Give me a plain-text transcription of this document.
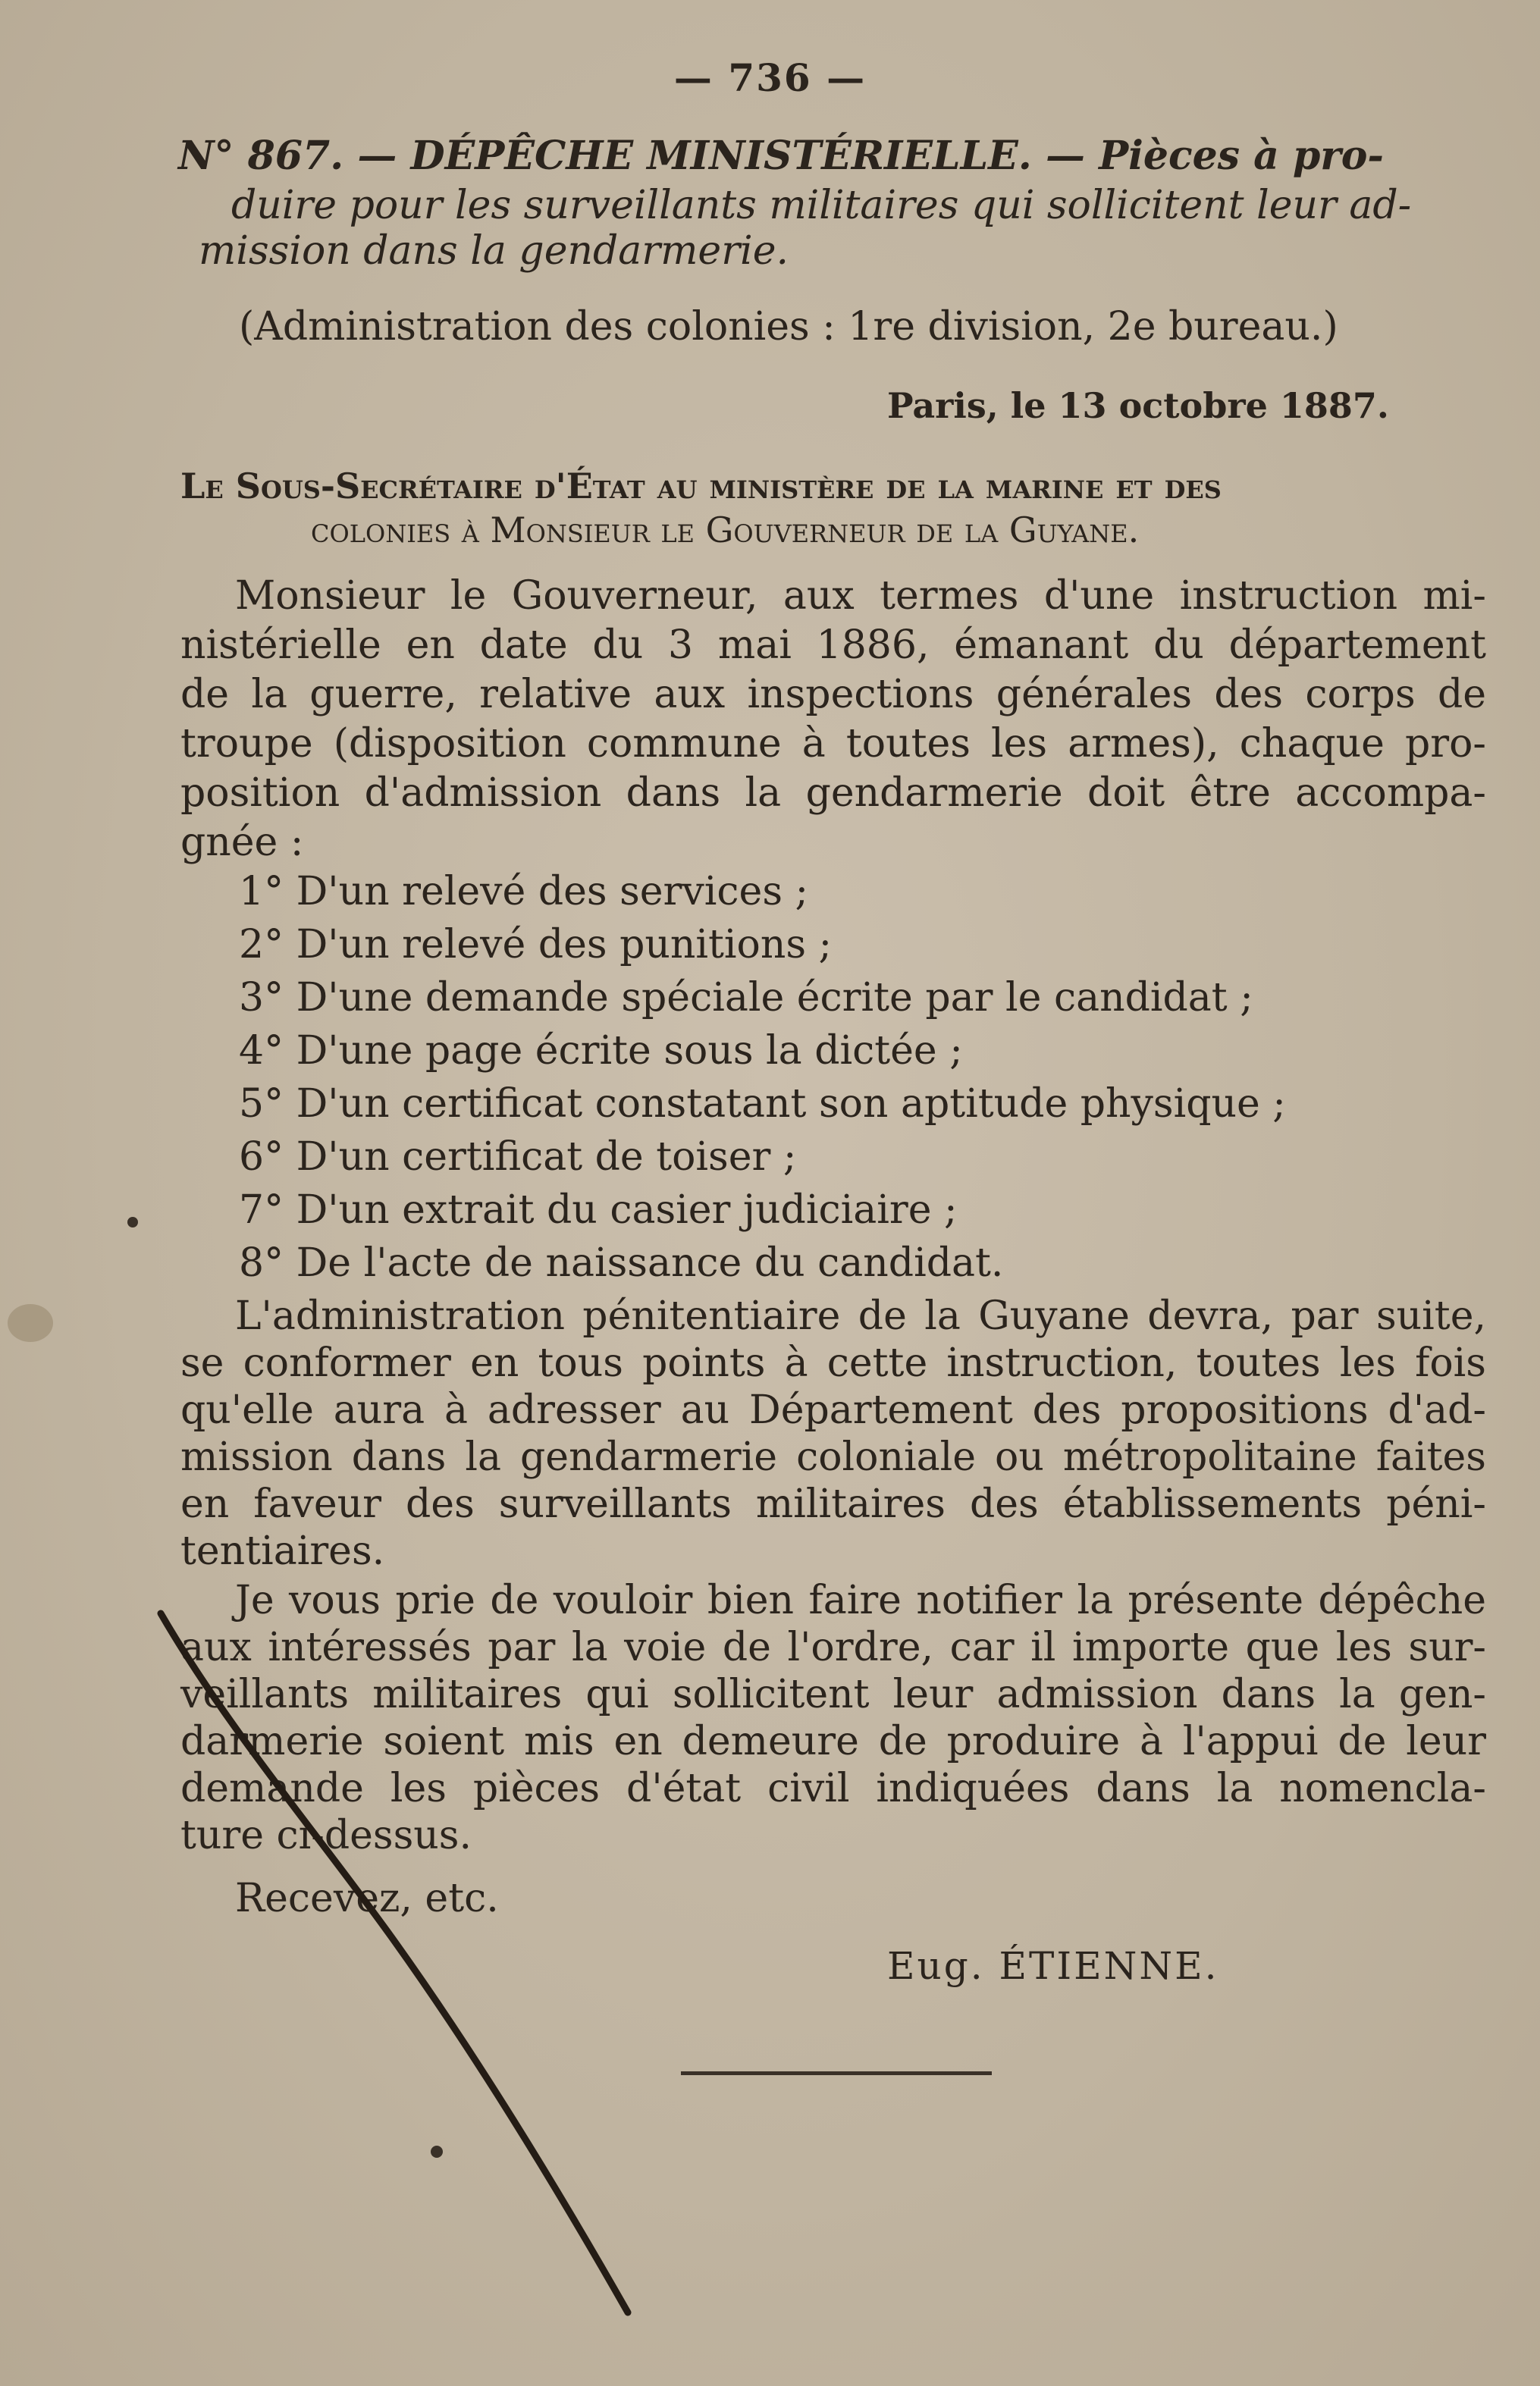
— 736 —
N° 867. — DÉPÊCHE MINISTÉRIELLE. — Pièces à pro-
duire pour les surveillants militaires qui sollicitent leur ad-
mission dans la gendarmerie.
(Administration des colonies : 1re division, 2e bureau.)
Paris, le 13 octobre 1887.
Le Sous-Secrétaire d'État au ministère de la marine et des
colonies à Monsieur le Gouverneur de la Guyane.
Monsieur le Gouverneur, aux termes d'une instruction mi-
nistérielle en date du 3 mai 1886, émanant du département
de la guerre, relative aux inspections générales des corps de
troupe (disposition commune à toutes les armes), chaque pro-
position d'admission dans la gendarmerie doit être accompa-
gnée :
1° D'un relevé des services ;
2° D'un relevé des punitions ;
3° D'une demande spéciale écrite par le candidat ;
4° D'une page écrite sous la dictée ;
5° D'un certificat constatant son aptitude physique ;
6° D'un certificat de toiser ;
7° D'un extrait du casier judiciaire ;
8° De l'acte de naissance du candidat.
L'administration pénitentiaire de la Guyane devra, par suite,
se conformer en tous points à cette instruction, toutes les fois
qu'elle aura à adresser au Département des propositions d'ad-
mission dans la gendarmerie coloniale ou métropolitaine faites
en faveur des surveillants militaires des établissements péni-
tentiaires.
Je vous prie de vouloir bien faire notifier la présente dépêche
aux intéressés par la voie de l'ordre, car il importe que les sur-
veillants militaires qui sollicitent leur admission dans la gen-
darmerie soient mis en demeure de produire à l'appui de leur
demande les pièces d'état civil indiquées dans la nomencla-
ture ci-dessus.
Recevez, etc.
Eug. ÉTIENNE.
